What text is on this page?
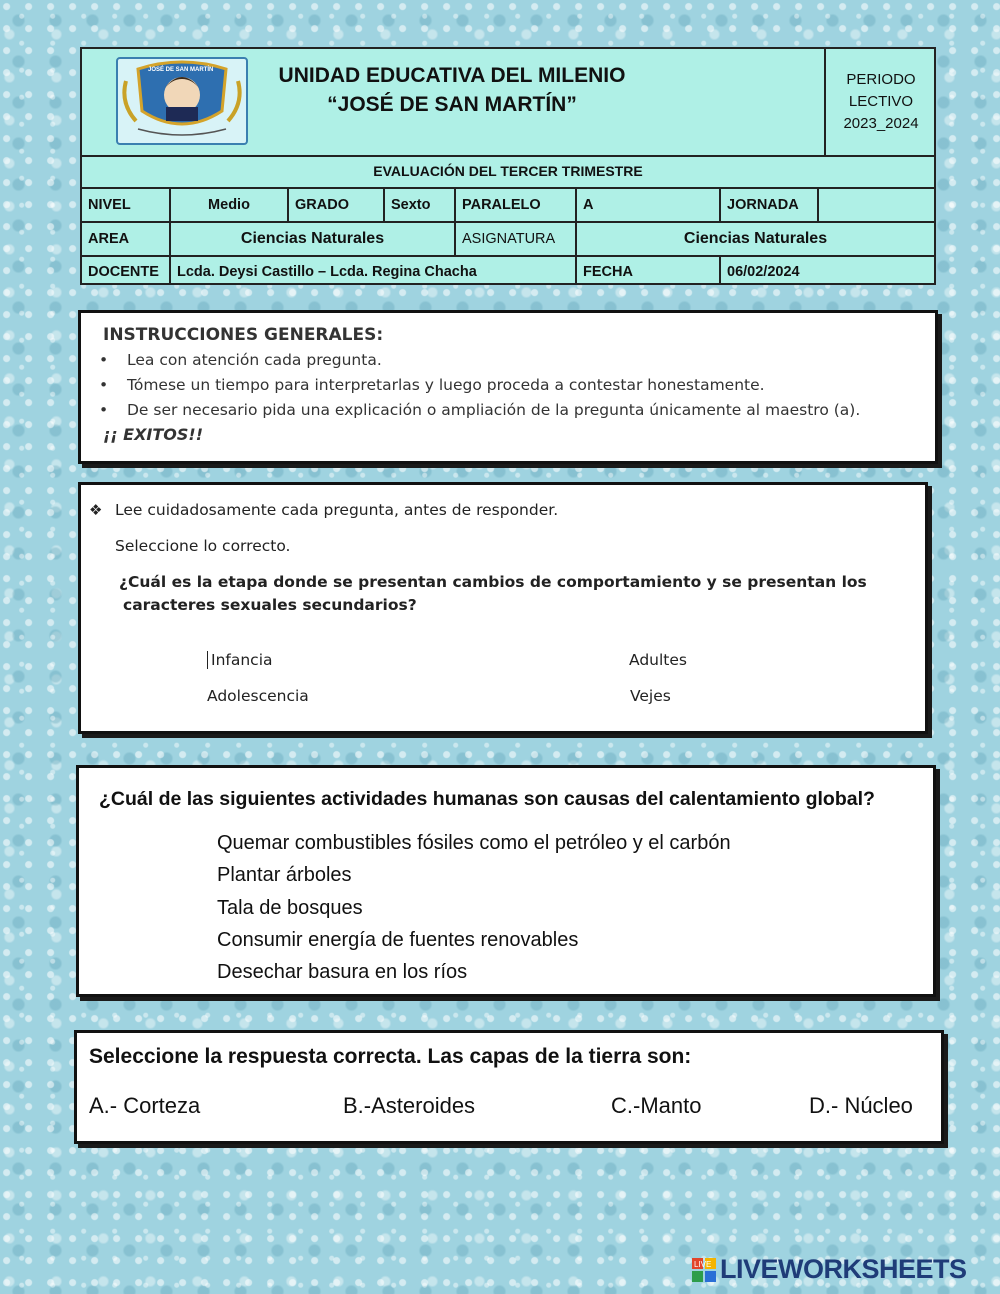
JOSÉ DE SAN MARTÍN	UNIDAD EDUCATIVA DEL MILENIO
“JOSÉ DE SAN MARTÍN”
PERIODO
LECTIVO
2023_2024
EVALUACIÓN DEL TERCER TRIMESTRE
NIVEL	Medio	GRADO	Sexto	PARALELO	A	JORNADA
AREA	Ciencias Naturales	ASIGNATURA	Ciencias Naturales
DOCENTE	Lcda. Deysi Castillo – Lcda. Regina Chacha	FECHA	06/02/2024
INSTRUCCIONES GENERALES:
• Lea con atención cada pregunta.
• Tómese un tiempo para interpretarlas y luego proceda a contestar honestamente.
• De ser necesario pida una explicación o ampliación de la pregunta únicamente al maestro (a).
¡¡ EXITOS!!
❖ Lee cuidadosamente cada pregunta, antes de responder.
Seleccione lo correcto.
¿Cuál es la etapa donde se presentan cambios de comportamiento y se presentan los
caracteres sexuales secundarios?
Infancia	Adultes
Adolescencia	Vejes
¿Cuál de las siguientes actividades humanas son causas del calentamiento global?
Quemar combustibles fósiles como el petróleo y el carbón
Plantar árboles
Tala de bosques
Consumir energía de fuentes renovables
Desechar basura en los ríos
Seleccione la respuesta correcta. Las capas de la tierra son:
A.- Corteza	B.-Asteroides	C.-Manto	D.- Núcleo
LIVE LIVEWORKSHEETS
